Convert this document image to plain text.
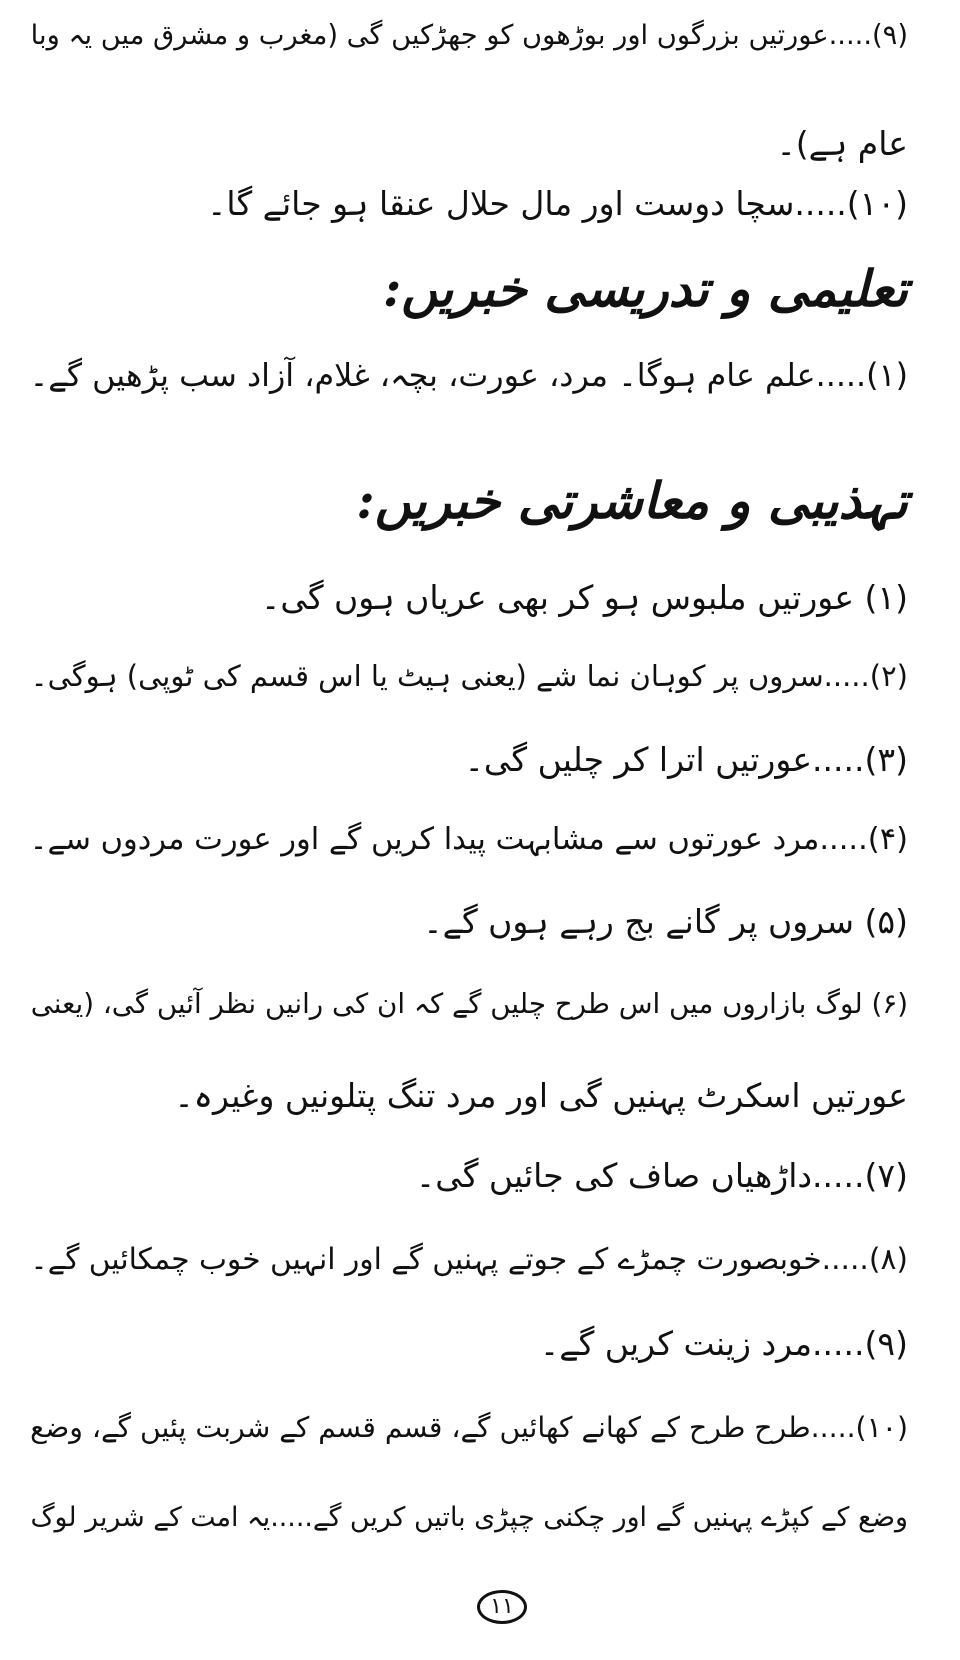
(۹).....عورتیں بزرگوں اور بوڑھوں کو جھڑکیں گی (مغرب و مشرق میں یہ وبا
عام ہے)۔
(۱۰).....سچا دوست اور مال حلال عنقا ہو جائے گا۔
تعلیمی و تدریسی خبریں:
(۱).....علم عام ہوگا۔ مرد، عورت، بچہ، غلام، آزاد سب پڑھیں گے۔
تہذیبی و معاشرتی خبریں:
(۱) عورتیں ملبوس ہو کر بھی عریاں ہوں گی۔
(۲).....سروں پر کوہان نما شے (یعنی ہیٹ یا اس قسم کی ٹوپی) ہوگی۔
(۳).....عورتیں اترا کر چلیں گی۔
(۴).....مرد عورتوں سے مشابہت پیدا کریں گے اور عورت مردوں سے۔
(۵) سروں پر گانے بج رہے ہوں گے۔
(۶) لوگ بازاروں میں اس طرح چلیں گے کہ ان کی رانیں نظر آئیں گی، (یعنی
عورتیں اسکرٹ پہنیں گی اور مرد تنگ پتلونیں وغیرہ۔
(۷).....داڑھیاں صاف کی جائیں گی۔
(۸).....خوبصورت چمڑے کے جوتے پہنیں گے اور انہیں خوب چمکائیں گے۔
(۹).....مرد زینت کریں گے۔
(۱۰).....طرح طرح کے کھانے کھائیں گے، قسم قسم کے شربت پئیں گے، وضع
وضع کے کپڑے پہنیں گے اور چکنی چپڑی باتیں کریں گے.....یہ امت کے شریر لوگ
١١
